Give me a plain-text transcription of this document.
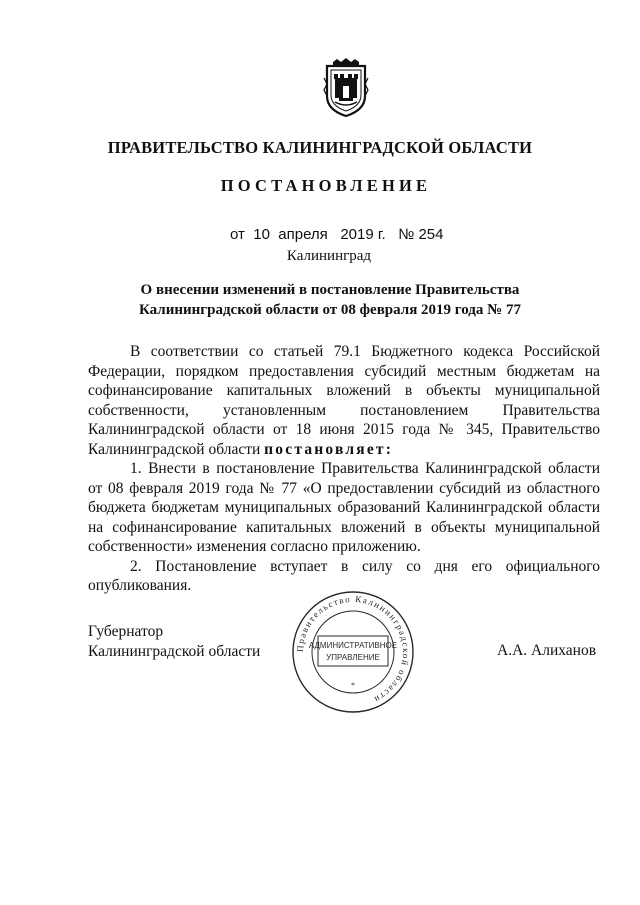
ПРАВИТЕЛЬСТВО КАЛИНИНГРАДСКОЙ ОБЛАСТИ
ПОСТАНОВЛЕНИЕ
от 10 апреля 2019 г. № 254
Калининград
О внесении изменений в постановление Правительства
Калининградской области от 08 февраля 2019 года № 77

В соответствии со статьей 79.1 Бюджетного кодекса Российской Федерации, порядком предоставления субсидий местным бюджетам на софинансирование капитальных вложений в объекты муниципальной собственности, установленным постановлением Правительства Калининградской области от 18 июня 2015 года № 345, Правительство Калининградской области постановляет:

1. Внести в постановление Правительства Калининградской области от 08 февраля 2019 года № 77 «О предоставлении субсидий из областного бюджета бюджетам муниципальных образований Калининградской области на софинансирование капитальных вложений в объекты муниципальной собственности» изменения согласно приложению.

2. Постановление вступает в силу со дня его официального опубликования.

Губернатор
Калининградской области	Правительство Калининградской области
АДМИНИСТРАТИВНОЕ
УПРАВЛЕНИЕ
*
А.А. Алиханов
